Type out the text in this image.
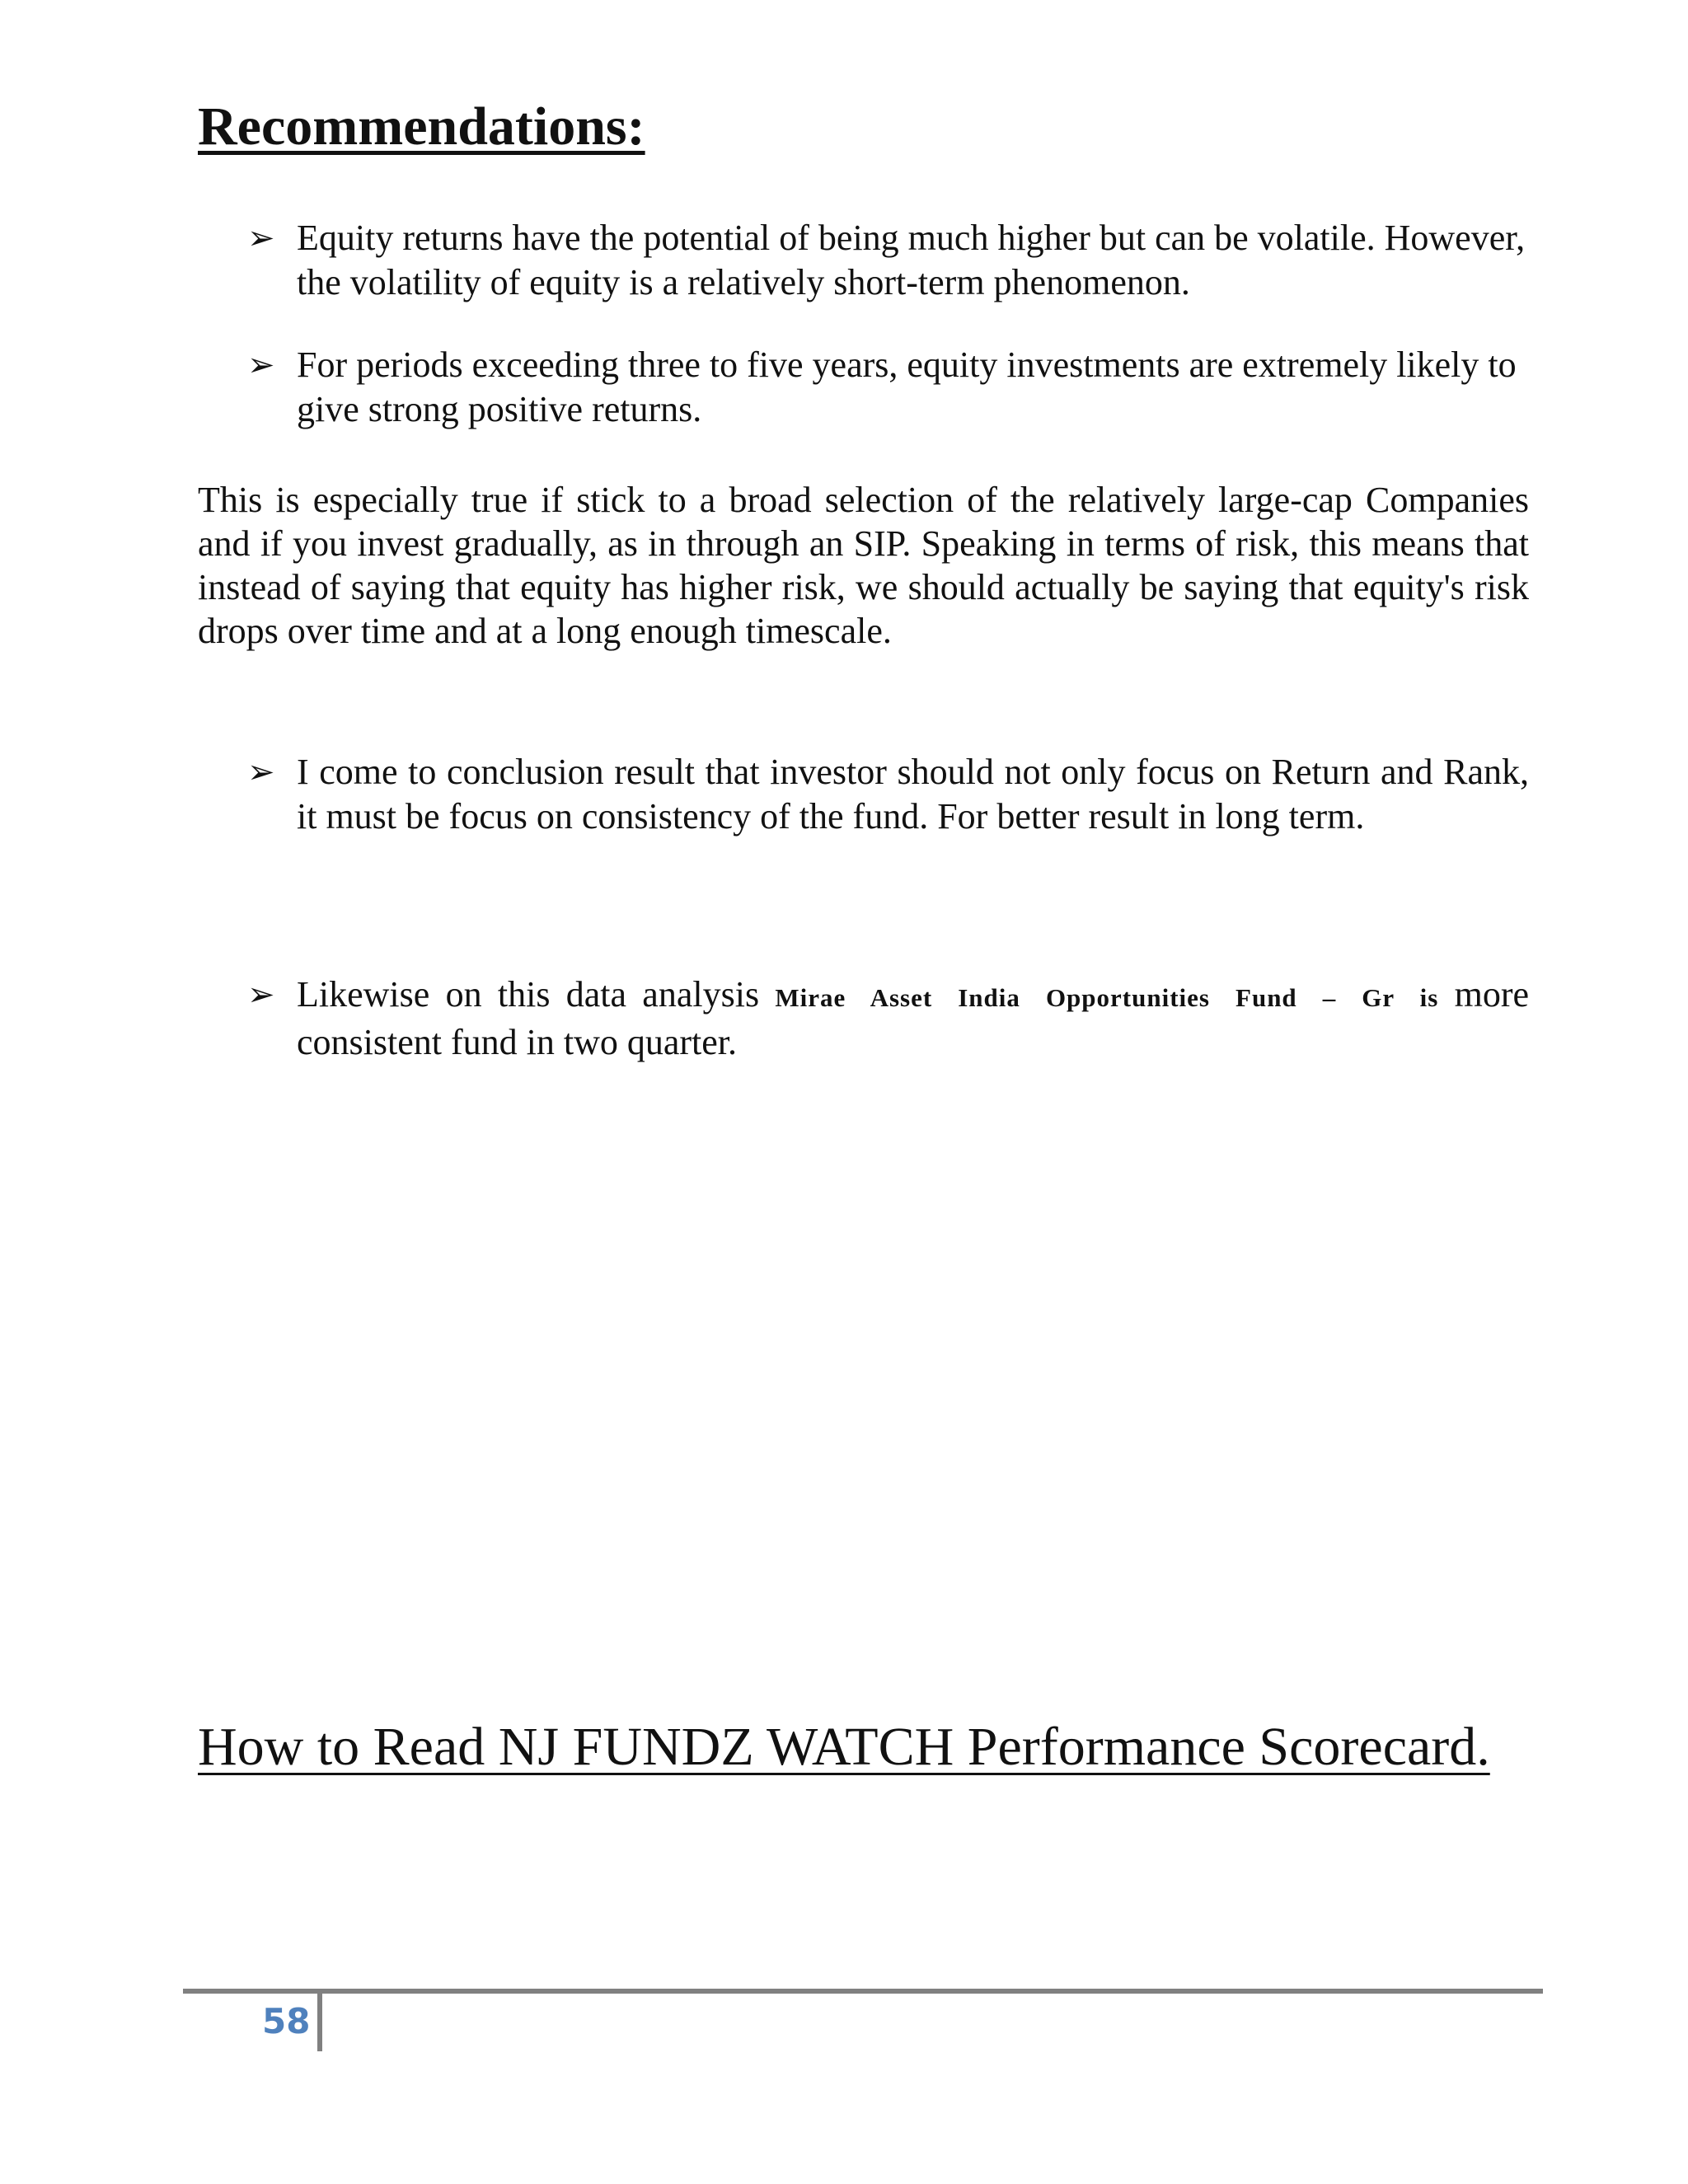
Recommendations:
➢ Equity returns have the potential of being much higher but can be volatile. However, the volatility of equity is a relatively short-term phenomenon.
➢ For periods exceeding three to five years, equity investments are extremely likely to give strong positive returns.

This is especially true if stick to a broad selection of the relatively large-cap Companies and if you invest gradually, as in through an SIP. Speaking in terms of risk, this means that instead of saying that equity has higher risk, we should actually be saying that equity's risk drops over time and at a long enough timescale.

➢ I come to conclusion result that investor should not only focus on Return and Rank, it must be focus on consistency of the fund. For better result in long term.
➢ Likewise on this data analysis Mirae Asset India Opportunities Fund – Gr is more consistent fund in two quarter.
How to Read NJ FUNDZ WATCH Performance Scorecard.
58
